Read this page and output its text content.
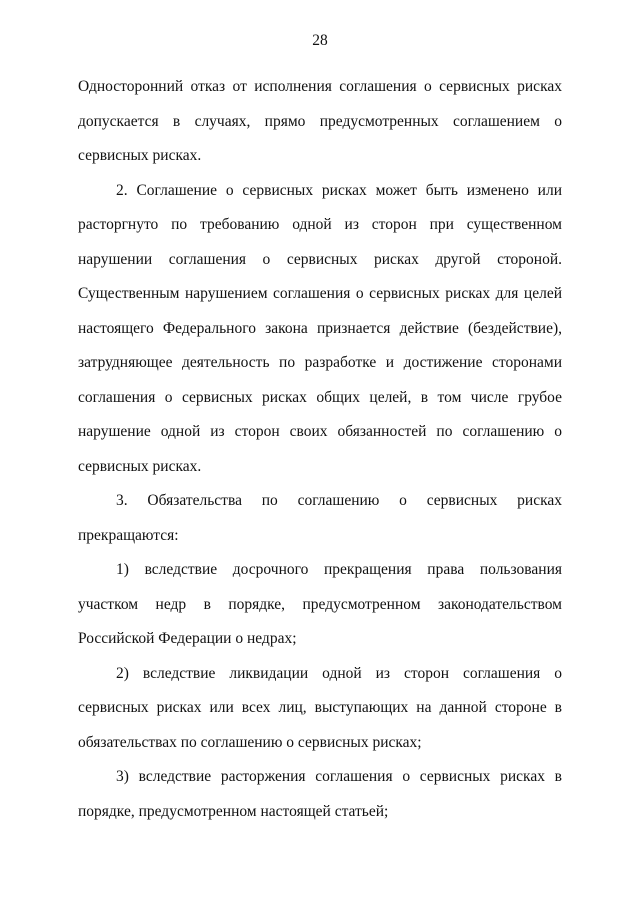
28

Односторонний отказ от исполнения соглашения о сервисных рисках допускается в случаях, прямо предусмотренных соглашением о сервисных рисках.

2. Соглашение о сервисных рисках может быть изменено или расторгнуто по требованию одной из сторон при существенном нарушении соглашения о сервисных рисках другой стороной. Существенным нарушением соглашения о сервисных рисках для целей настоящего Федерального закона признается действие (бездействие), затрудняющее деятельность по разработке и достижение сторонами соглашения о сервисных рисках общих целей, в том числе грубое нарушение одной из сторон своих обязанностей по соглашению о сервисных рисках.

3. Обязательства по соглашению о сервисных рисках прекращаются:

1) вследствие досрочного прекращения права пользования участком недр в порядке, предусмотренном законодательством Российской Федерации о недрах;

2) вследствие ликвидации одной из сторон соглашения о сервисных рисках или всех лиц, выступающих на данной стороне в обязательствах по соглашению о сервисных рисках;

3) вследствие расторжения соглашения о сервисных рисках в порядке, предусмотренном настоящей статьей;
